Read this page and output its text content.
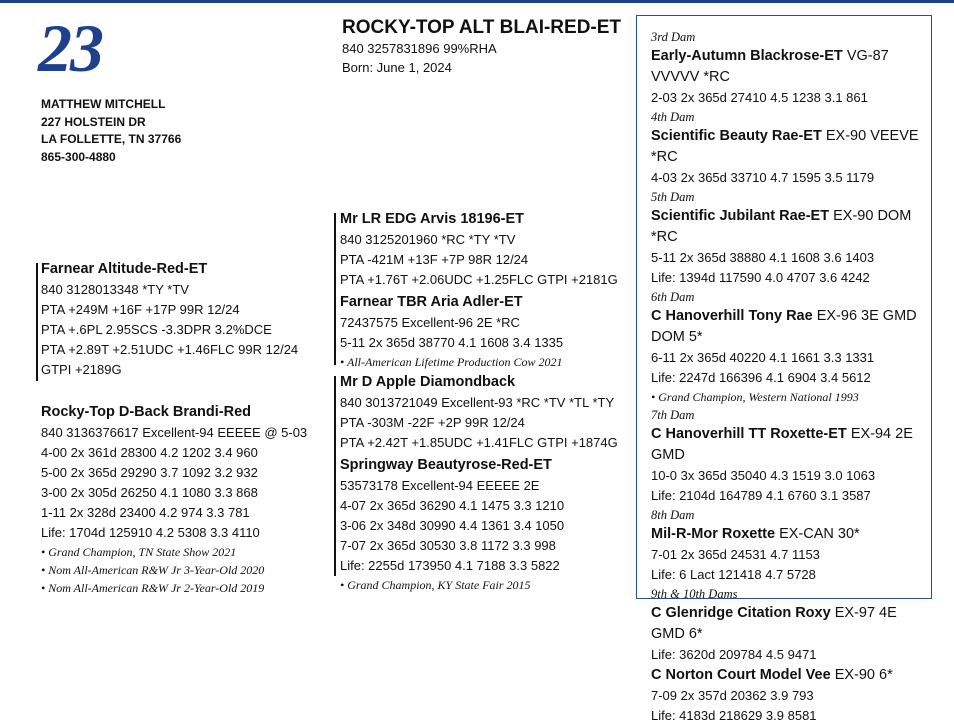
23
MATTHEW MITCHELL
227 HOLSTEIN DR
LA FOLLETTE, TN 37766
865-300-4880
ROCKY-TOP ALT BLAI-RED-ET
840 3257831896 99%RHA
Born: June 1, 2024
Farnear Altitude-Red-ET
840 3128013348 *TY *TV
PTA +249M +16F +17P 99R 12/24
PTA +.6PL 2.95SCS -3.3DPR 3.2%DCE
PTA +2.89T +2.51UDC +1.46FLC 99R 12/24
GTPI +2189G
Rocky-Top D-Back Brandi-Red
840 3136376617 Excellent-94 EEEEE @ 5-03
4-00 2x 361d 28300 4.2 1202 3.4 960
5-00 2x 365d 29290 3.7 1092 3.2 932
3-00 2x 305d 26250 4.1 1080 3.3 868
1-11 2x 328d 23400 4.2 974 3.3 781
Life: 1704d 125910 4.2 5308 3.3 4110
• Grand Champion, TN State Show 2021
• Nom All-American R&W Jr 3-Year-Old 2020
• Nom All-American R&W Jr 2-Year-Old 2019
Mr LR EDG Arvis 18196-ET
840 3125201960 *RC *TY *TV
PTA -421M +13F +7P 98R 12/24
PTA +1.76T +2.06UDC +1.25FLC GTPI +2181G
Farnear TBR Aria Adler-ET
72437575 Excellent-96 2E *RC
5-11 2x 365d 38770 4.1 1608 3.4 1335
• All-American Lifetime Production Cow 2021
Mr D Apple Diamondback
840 3013721049 Excellent-93 *RC *TV *TL *TY
PTA -303M -22F +2P 99R 12/24
PTA +2.42T +1.85UDC +1.41FLC GTPI +1874G
Springway Beautyrose-Red-ET
53573178 Excellent-94 EEEEE 2E
4-07 2x 365d 36290 4.1 1475 3.3 1210
3-06 2x 348d 30990 4.4 1361 3.4 1050
7-07 2x 365d 30530 3.8 1172 3.3 998
Life: 2255d 173950 4.1 7188 3.3 5822
• Grand Champion, KY State Fair 2015
3rd Dam
Early-Autumn Blackrose-ET VG-87 VVVVV *RC
2-03 2x 365d 27410 4.5 1238 3.1 861
4th Dam
Scientific Beauty Rae-ET EX-90 VEEVE *RC
4-03 2x 365d 33710 4.7 1595 3.5 1179
5th Dam
Scientific Jubilant Rae-ET EX-90 DOM *RC
5-11 2x 365d 38880 4.1 1608 3.6 1403
Life: 1394d 117590 4.0 4707 3.6 4242
6th Dam
C Hanoverhill Tony Rae EX-96 3E GMD DOM 5*
6-11 2x 365d 40220 4.1 1661 3.3 1331
Life: 2247d 166396 4.1 6904 3.4 5612
• Grand Champion, Western National 1993
7th Dam
C Hanoverhill TT Roxette-ET EX-94 2E GMD
10-0 3x 365d 35040 4.3 1519 3.0 1063
Life: 2104d 164789 4.1 6760 3.1 3587
8th Dam
Mil-R-Mor Roxette EX-CAN 30*
7-01 2x 365d 24531 4.7 1153
Life: 6 Lact 121418 4.7 5728
9th & 10th Dams
C Glenridge Citation Roxy EX-97 4E GMD 6*
Life: 3620d 209784 4.5 9471
C Norton Court Model Vee EX-90 6*
7-09 2x 357d 20362 3.9 793
Life: 4183d 218629 3.9 8581
